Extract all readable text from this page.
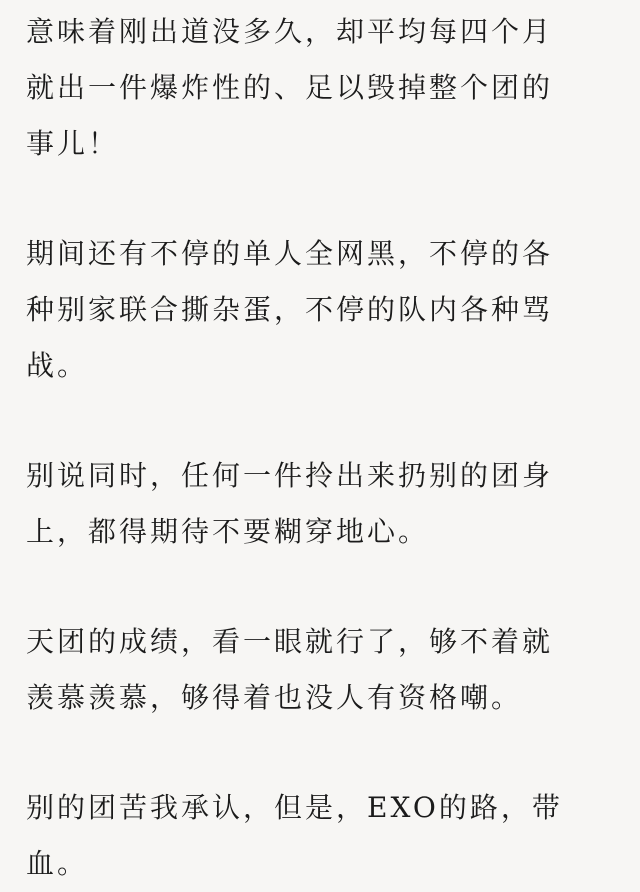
意味着刚出道没多久，却平均每四个月
就出一件爆炸性的、足以毁掉整个团的
事儿！

期间还有不停的单人全网黑，不停的各
种别家联合撕杂蛋，不停的队内各种骂
战。

别说同时，任何一件拎出来扔别的团身
上，都得期待不要糊穿地心。

天团的成绩，看一眼就行了，够不着就
羡慕羡慕，够得着也没人有资格嘲。

别的团苦我承认，但是，EXO的路，带
血。
